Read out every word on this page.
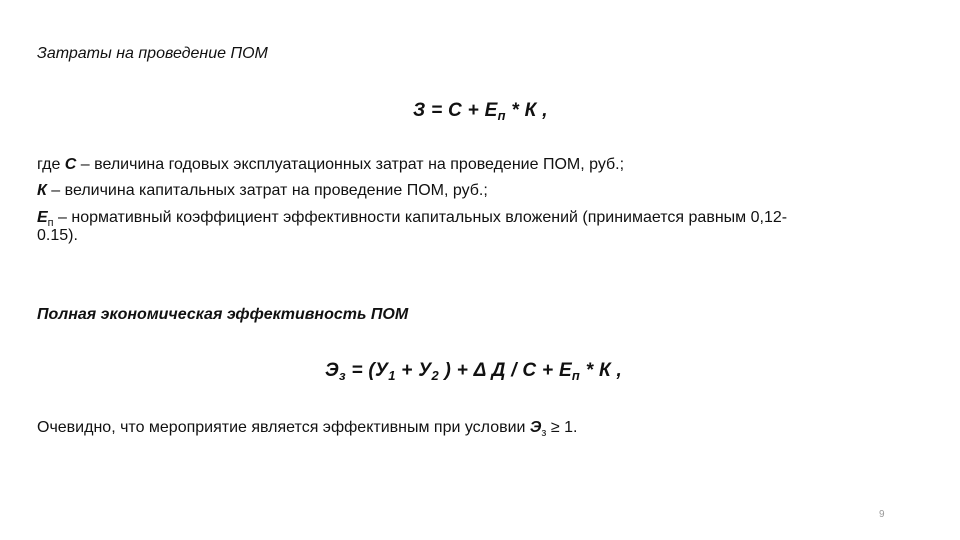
Затраты на проведение ПОМ
$З = С + Е_п * К$ ,
где С – величина годовых эксплуатационных затрат на проведение ПОМ, руб.;
К – величина капитальных затрат на проведение ПОМ, руб.;
$Е_п$ – нормативный коэффициент эффективности капитальных вложений (принимается равным 0,12-
0.15).
Полная экономическая эффективность ПОМ
$Э_з = (У_1 + У_2$ ) + Δ $Д / С + Е_п * К$ ,
Очевидно, что мероприятие является эффективным при условии $Э_з \ge 1$.
9
